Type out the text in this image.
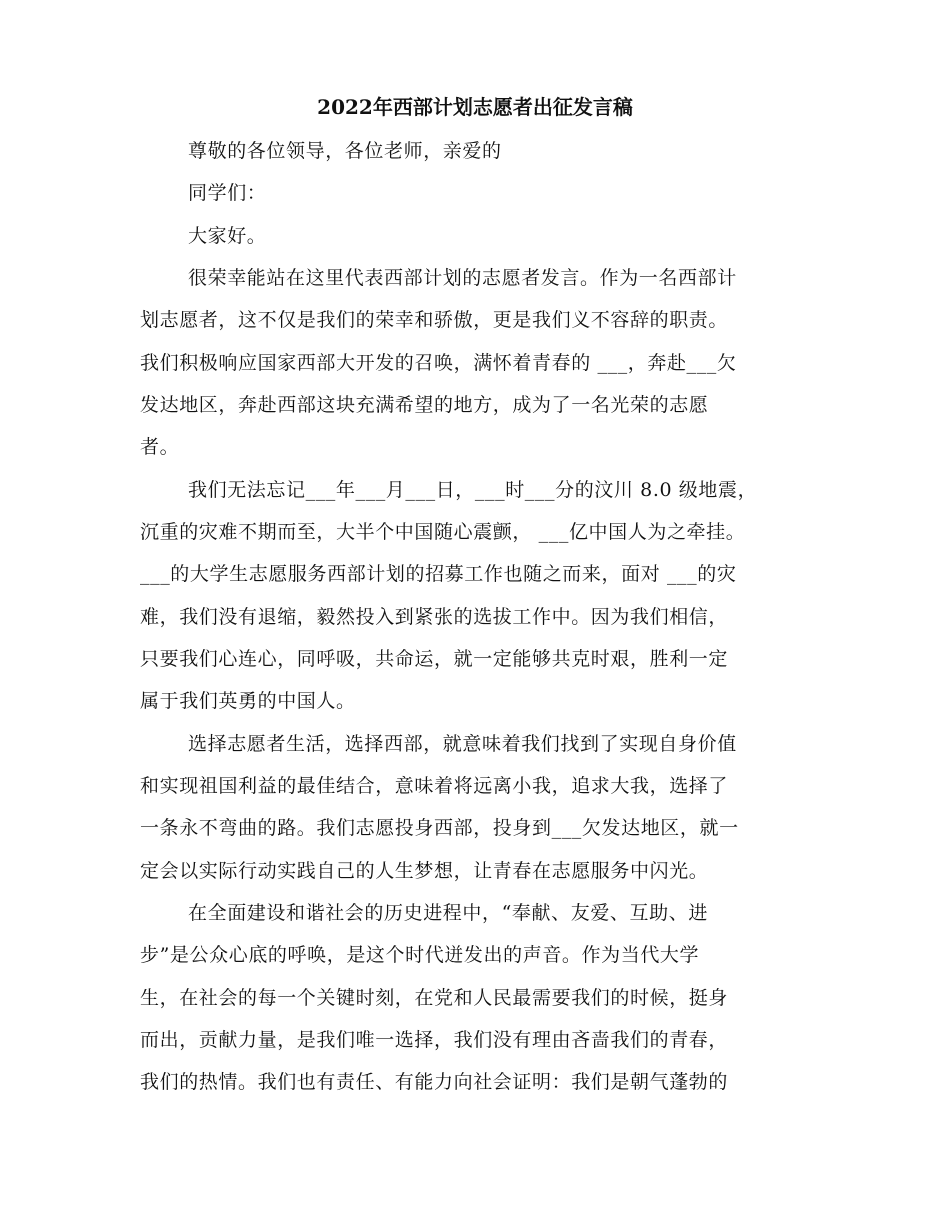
2022年西部计划志愿者出征发言稿
尊敬的各位领导，各位老师，亲爱的
同学们：
大家好。
很荣幸能站在这里代表西部计划的志愿者发言。作为一名西部计
划志愿者，这不仅是我们的荣幸和骄傲，更是我们义不容辞的职责。
我们积极响应国家西部大开发的召唤，满怀着青春的 ___，奔赴___欠
发达地区，奔赴西部这块充满希望的地方，成为了一名光荣的志愿
者。
我们无法忘记___年___月___日，___时___分的汶川 8.0 级地震，
沉重的灾难不期而至，大半个中国随心震颤， ___亿中国人为之牵挂。
___的大学生志愿服务西部计划的招募工作也随之而来，面对 ___的灾
难，我们没有退缩，毅然投入到紧张的选拔工作中。因为我们相信，
只要我们心连心，同呼吸，共命运，就一定能够共克时艰，胜利一定
属于我们英勇的中国人。
选择志愿者生活，选择西部，就意味着我们找到了实现自身价值
和实现祖国利益的最佳结合，意味着将远离小我，追求大我，选择了
一条永不弯曲的路。我们志愿投身西部，投身到___欠发达地区，就一
定会以实际行动实践自己的人生梦想，让青春在志愿服务中闪光。
在全面建设和谐社会的历史进程中，“奉献、友爱、互助、进
步”是公众心底的呼唤，是这个时代迸发出的声音。作为当代大学
生，在社会的每一个关键时刻，在党和人民最需要我们的时候，挺身
而出，贡献力量，是我们唯一选择，我们没有理由吝啬我们的青春，
我们的热情。我们也有责任、有能力向社会证明：我们是朝气蓬勃的
